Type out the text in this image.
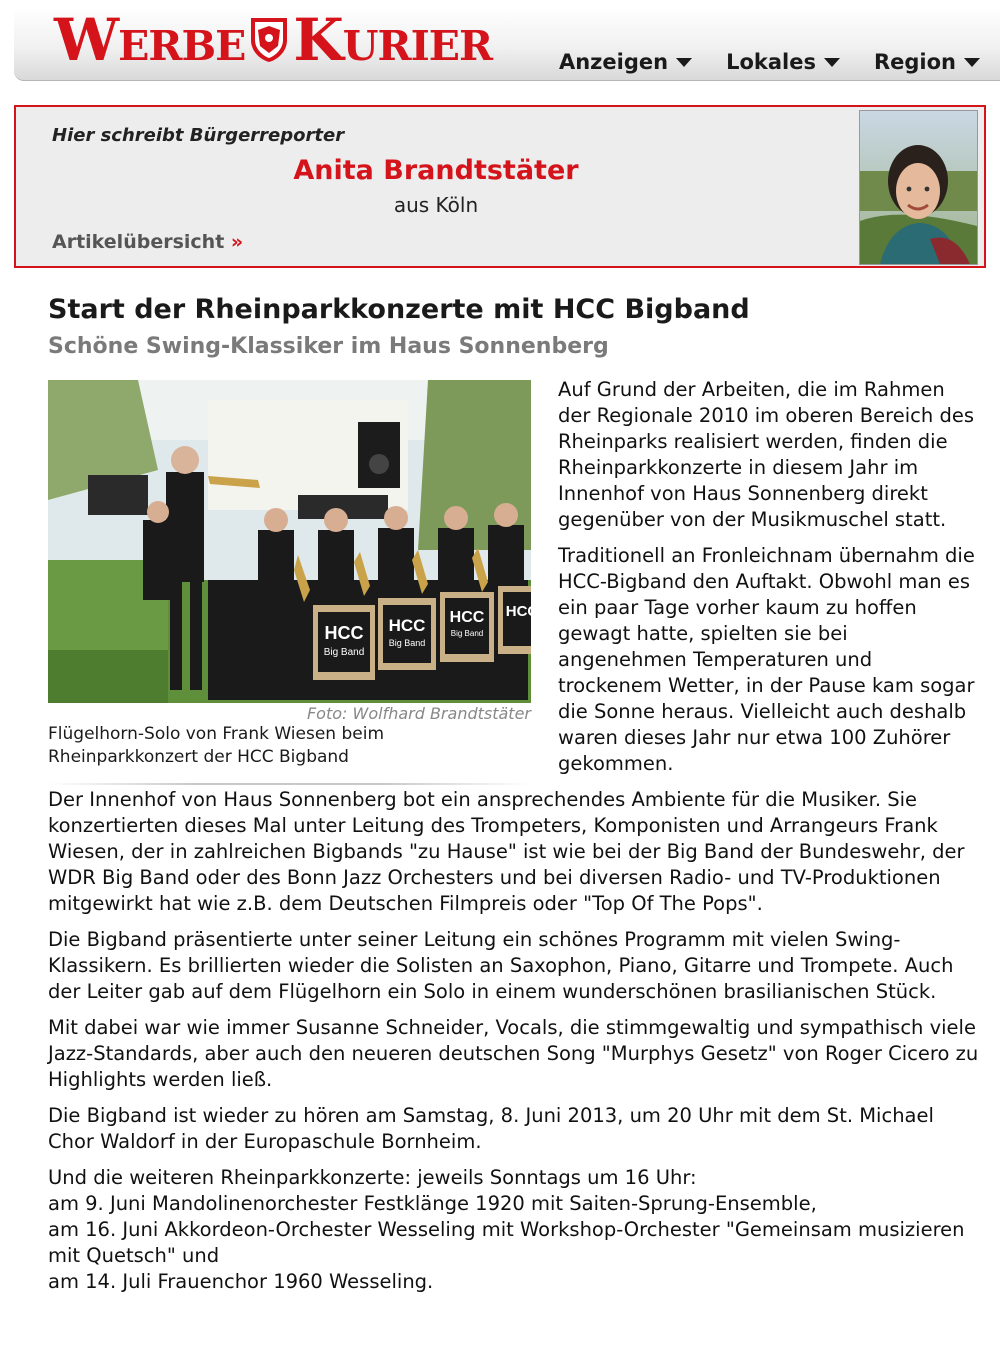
Werbe Kurier	Anzeigen	Lokales	Region
Hier schreibt Bürgerreporter
Anita Brandtstäter
aus Köln
Artikelübersicht »
Start der Rheinparkkonzerte mit HCC Bigband
Schöne Swing-Klassiker im Haus Sonnenberg
HCC
Big Band
HCC
Big Band
HCC
Big Band
HCC
Foto: Wolfhard Brandtstäter
Flügelhorn-Solo von Frank Wiesen beim Rheinparkkonzert der HCC Bigband

Auf Grund der Arbeiten, die im Rahmen der Regionale 2010 im oberen Bereich des Rheinparks realisiert werden, finden die Rheinparkkonzerte in diesem Jahr im Innenhof von Haus Sonnenberg direkt gegenüber von der Musikmuschel statt.

Traditionell an Fronleichnam übernahm die HCC-Bigband den Auftakt. Obwohl man es ein paar Tage vorher kaum zu hoffen gewagt hatte, spielten sie bei angenehmen Temperaturen und trockenem Wetter, in der Pause kam sogar die Sonne heraus. Vielleicht auch deshalb waren dieses Jahr nur etwa 100 Zuhörer gekommen.

Der Innenhof von Haus Sonnenberg bot ein ansprechendes Ambiente für die Musiker. Sie konzertierten dieses Mal unter Leitung des Trompeters, Komponisten und Arrangeurs Frank Wiesen, der in zahlreichen Bigbands "zu Hause" ist wie bei der Big Band der Bundeswehr, der WDR Big Band oder des Bonn Jazz Orchesters und bei diversen Radio- und TV-Produktionen mitgewirkt hat wie z.B. dem Deutschen Filmpreis oder "Top Of The Pops".

Die Bigband präsentierte unter seiner Leitung ein schönes Programm mit vielen Swing-Klassikern. Es brillierten wieder die Solisten an Saxophon, Piano, Gitarre und Trompete. Auch der Leiter gab auf dem Flügelhorn ein Solo in einem wunderschönen brasilianischen Stück.

Mit dabei war wie immer Susanne Schneider, Vocals, die stimmgewaltig und sympathisch viele Jazz-Standards, aber auch den neueren deutschen Song "Murphys Gesetz" von Roger Cicero zu Highlights werden ließ.

Die Bigband ist wieder zu hören am Samstag, 8. Juni 2013, um 20 Uhr mit dem St. Michael Chor Waldorf in der Europaschule Bornheim.

Und die weiteren Rheinparkkonzerte: jeweils Sonntags um 16 Uhr:
am 9. Juni Mandolinenorchester Festklänge 1920 mit Saiten-Sprung-Ensemble,
am 16. Juni Akkordeon-Orchester Wesseling mit Workshop-Orchester "Gemeinsam musizieren mit Quetsch" und
am 14. Juli Frauenchor 1960 Wesseling.
